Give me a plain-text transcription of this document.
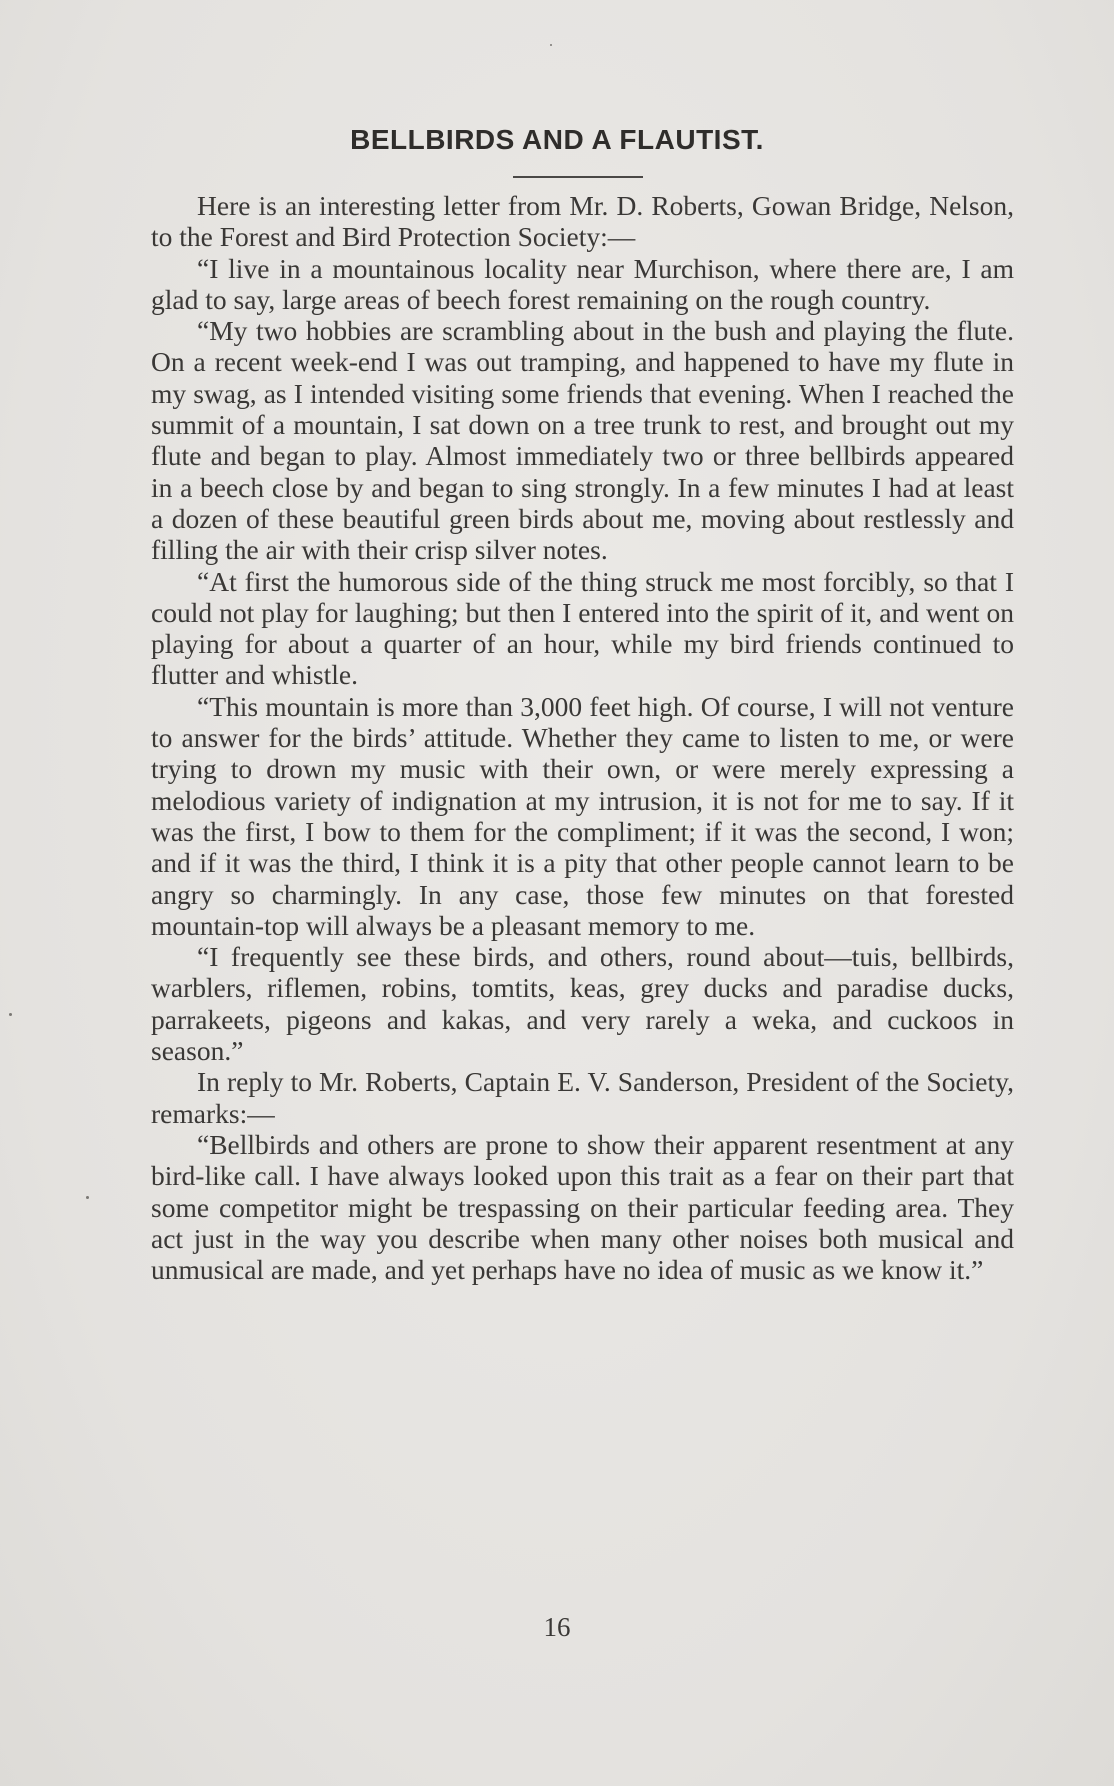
BELLBIRDS AND A FLAUTIST.

Here is an interesting letter from Mr. D. Roberts, Gowan Bridge, Nelson, to the Forest and Bird Protection Society:—

“I live in a mountainous locality near Murchison, where there are, I am glad to say, large areas of beech forest remaining on the rough country.

“My two hobbies are scrambling about in the bush and playing the flute. On a recent week-end I was out tramping, and happened to have my flute in my swag, as I intended visiting some friends that evening. When I reached the summit of a mountain, I sat down on a tree trunk to rest, and brought out my flute and began to play. Almost immediately two or three bellbirds appeared in a beech close by and began to sing strongly. In a few minutes I had at least a dozen of these beautiful green birds about me, moving about restlessly and filling the air with their crisp silver notes.

“At first the humorous side of the thing struck me most forcibly, so that I could not play for laughing; but then I entered into the spirit of it, and went on playing for about a quarter of an hour, while my bird friends continued to flutter and whistle.

“This mountain is more than 3,000 feet high. Of course, I will not venture to answer for the birds’ attitude. Whether they came to listen to me, or were trying to drown my music with their own, or were merely expressing a melodious variety of indignation at my intrusion, it is not for me to say. If it was the first, I bow to them for the compliment; if it was the second, I won; and if it was the third, I think it is a pity that other people cannot learn to be angry so charmingly. In any case, those few minutes on that forested mountain-top will always be a pleasant memory to me.

“I frequently see these birds, and others, round about—tuis, bellbirds, warblers, riflemen, robins, tomtits, keas, grey ducks and paradise ducks, parrakeets, pigeons and kakas, and very rarely a weka, and cuckoos in season.”

In reply to Mr. Roberts, Captain E. V. Sanderson, President of the Society, remarks:—

“Bellbirds and others are prone to show their apparent resentment at any bird-like call. I have always looked upon this trait as a fear on their part that some competitor might be trespassing on their particular feeding area. They act just in the way you describe when many other noises both musical and unmusical are made, and yet perhaps have no idea of music as we know it.”

16
